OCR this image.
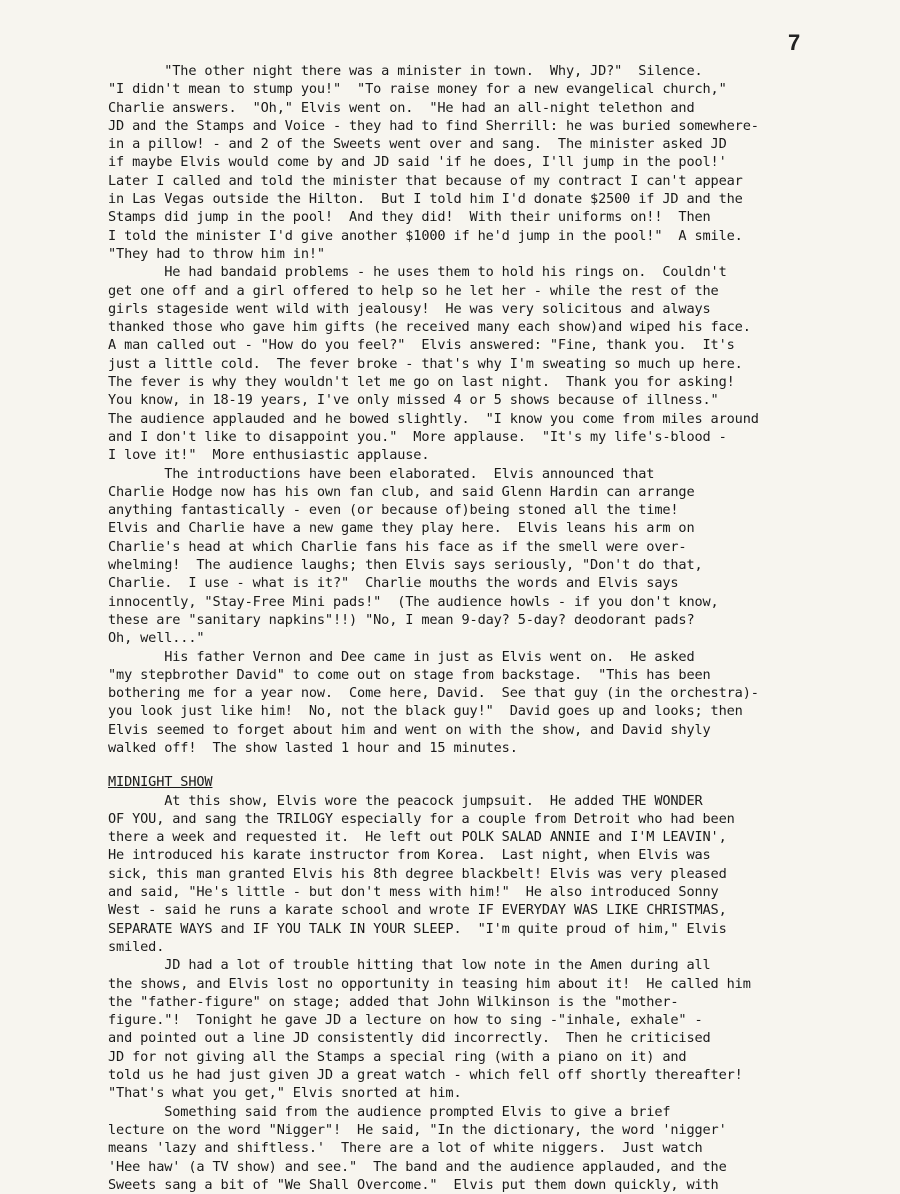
7
"The other night there was a minister in town.  Why, JD?"  Silence.
"I didn't mean to stump you!"  "To raise money for a new evangelical church,"
Charlie answers.  "Oh," Elvis went on.  "He had an all-night telethon and
JD and the Stamps and Voice - they had to find Sherrill: he was buried somewhere-
in a pillow! - and 2 of the Sweets went over and sang.  The minister asked JD
if maybe Elvis would come by and JD said 'if he does, I'll jump in the pool!'
Later I called and told the minister that because of my contract I can't appear
in Las Vegas outside the Hilton.  But I told him I'd donate $2500 if JD and the
Stamps did jump in the pool!  And they did!  With their uniforms on!!  Then
I told the minister I'd give another $1000 if he'd jump in the pool!"  A smile.
"They had to throw him in!"
He had bandaid problems - he uses them to hold his rings on.  Couldn't
get one off and a girl offered to help so he let her - while the rest of the
girls stageside went wild with jealousy!  He was very solicitous and always
thanked those who gave him gifts (he received many each show)and wiped his face.
A man called out - "How do you feel?"  Elvis answered: "Fine, thank you.  It's
just a little cold.  The fever broke - that's why I'm sweating so much up here.
The fever is why they wouldn't let me go on last night.  Thank you for asking!
You know, in 18-19 years, I've only missed 4 or 5 shows because of illness."
The audience applauded and he bowed slightly.  "I know you come from miles around
and I don't like to disappoint you."  More applause.  "It's my life's-blood -
I love it!"  More enthusiastic applause.
The introductions have been elaborated.  Elvis announced that
Charlie Hodge now has his own fan club, and said Glenn Hardin can arrange
anything fantastically - even (or because of)being stoned all the time!
Elvis and Charlie have a new game they play here.  Elvis leans his arm on
Charlie's head at which Charlie fans his face as if the smell were over-
whelming!  The audience laughs; then Elvis says seriously, "Don't do that,
Charlie.  I use - what is it?"  Charlie mouths the words and Elvis says
innocently, "Stay-Free Mini pads!"  (The audience howls - if you don't know,
these are "sanitary napkins"!!) "No, I mean 9-day? 5-day? deodorant pads?
Oh, well..."
His father Vernon and Dee came in just as Elvis went on.  He asked
"my stepbrother David" to come out on stage from backstage.  "This has been
bothering me for a year now.  Come here, David.  See that guy (in the orchestra)-
you look just like him!  No, not the black guy!"  David goes up and looks; then
Elvis seemed to forget about him and went on with the show, and David shyly
walked off!  The show lasted 1 hour and 15 minutes.
MIDNIGHT SHOW
At this show, Elvis wore the peacock jumpsuit.  He added THE WONDER
OF YOU, and sang the TRILOGY especially for a couple from Detroit who had been
there a week and requested it.  He left out POLK SALAD ANNIE and I'M LEAVIN',
He introduced his karate instructor from Korea.  Last night, when Elvis was
sick, this man granted Elvis his 8th degree blackbelt! Elvis was very pleased
and said, "He's little - but don't mess with him!"  He also introduced Sonny
West - said he runs a karate school and wrote IF EVERYDAY WAS LIKE CHRISTMAS,
SEPARATE WAYS and IF YOU TALK IN YOUR SLEEP.  "I'm quite proud of him," Elvis
smiled.
JD had a lot of trouble hitting that low note in the Amen during all
the shows, and Elvis lost no opportunity in teasing him about it!  He called him
the "father-figure" on stage; added that John Wilkinson is the "mother-
figure."!  Tonight he gave JD a lecture on how to sing -"inhale, exhale" -
and pointed out a line JD consistently did incorrectly.  Then he criticised
JD for not giving all the Stamps a special ring (with a piano on it) and
told us he had just given JD a great watch - which fell off shortly thereafter!
"That's what you get," Elvis snorted at him.
Something said from the audience prompted Elvis to give a brief
lecture on the word "Nigger"!  He said, "In the dictionary, the word 'nigger'
means 'lazy and shiftless.'  There are a lot of white niggers.  Just watch
'Hee haw' (a TV show) and see."  The band and the audience applauded, and the
Sweets sang a bit of "We Shall Overcome."  Elvis put them down quickly, with
